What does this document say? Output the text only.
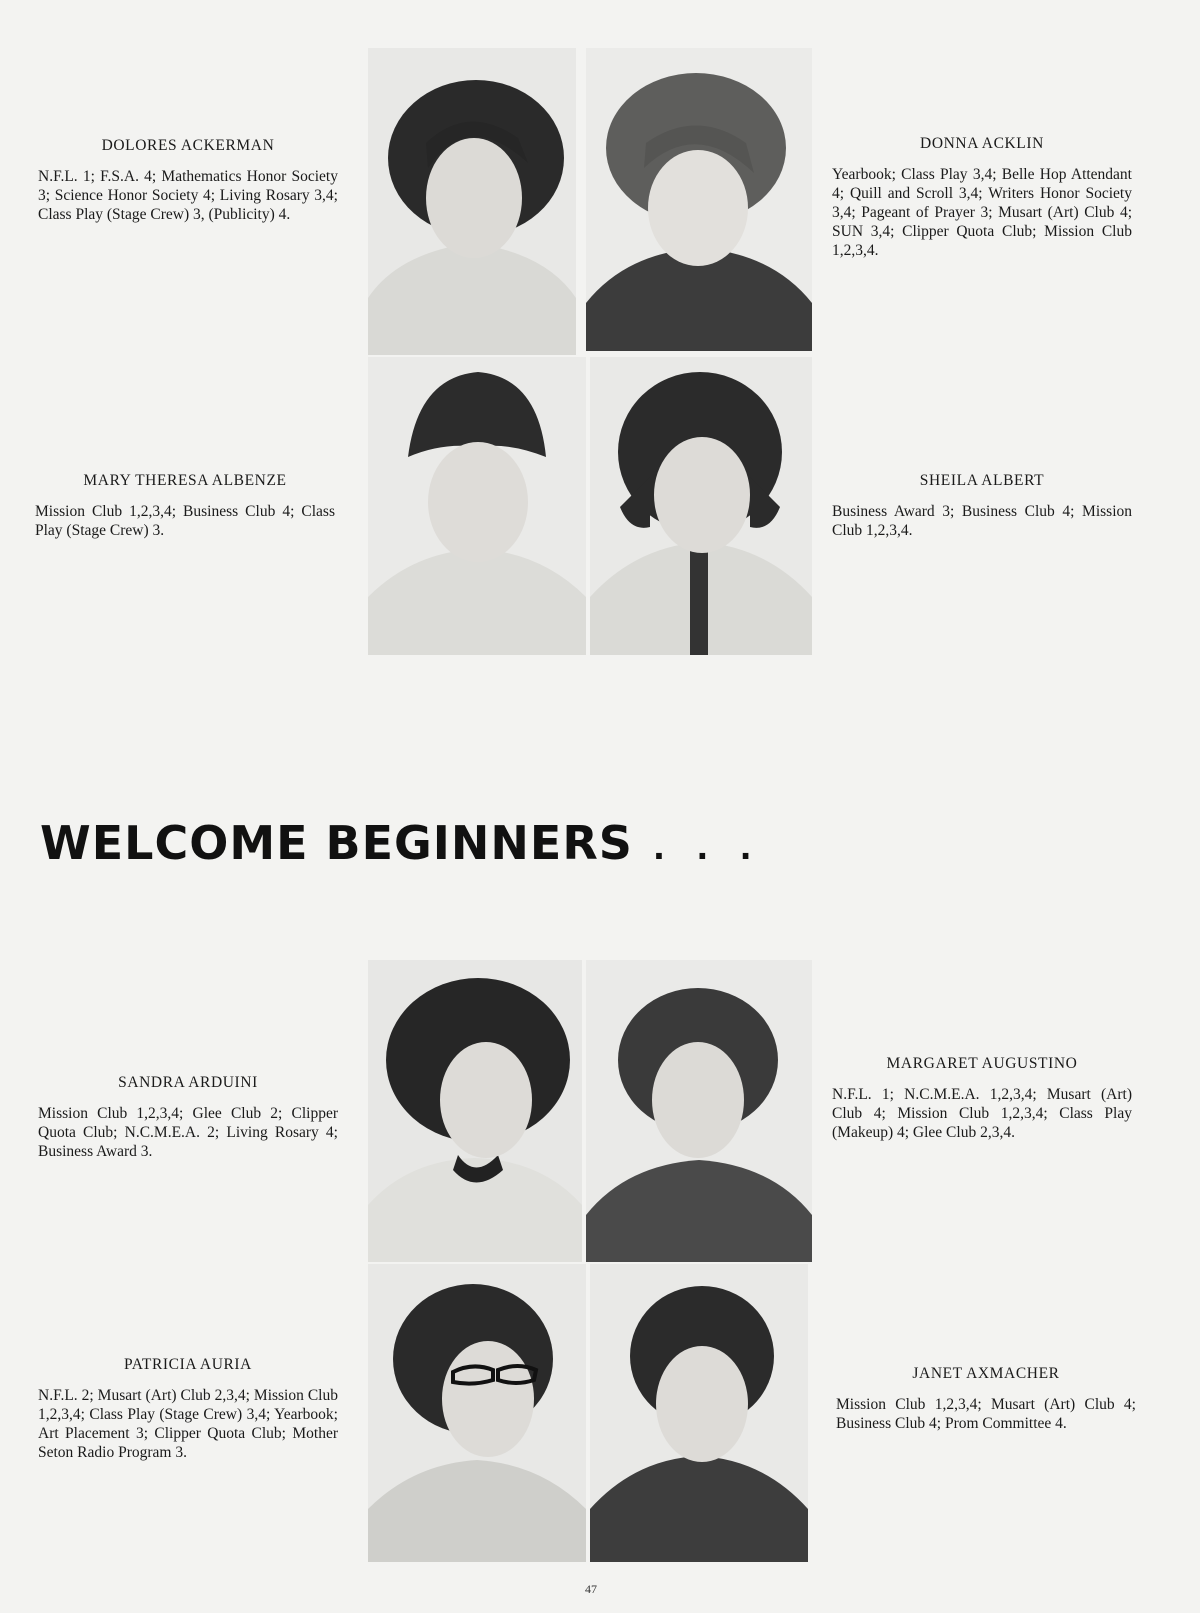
DOLORES ACKERMAN

N.F.L. 1; F.S.A. 4; Mathematics Honor Society 3; Science Honor Society 4; Living Rosary 3,4; Class Play (Stage Crew) 3, (Publicity) 4.

DONNA ACKLIN

Yearbook; Class Play 3,4; Belle Hop Attendant 4; Quill and Scroll 3,4; Writers Honor Society 3,4; Pageant of Prayer 3; Musart (Art) Club 4; SUN 3,4; Clipper Quota Club; Mission Club 1,2,3,4.

MARY THERESA ALBENZE

Mission Club 1,2,3,4; Business Club 4; Class Play (Stage Crew) 3.

SHEILA ALBERT

Business Award 3; Business Club 4; Mission Club 1,2,3,4.

WELCOME BEGINNERS . . .
SANDRA ARDUINI

Mission Club 1,2,3,4; Glee Club 2; Clipper Quota Club; N.C.M.E.A. 2; Living Rosary 4; Business Award 3.

MARGARET AUGUSTINO

N.F.L. 1; N.C.M.E.A. 1,2,3,4; Musart (Art) Club 4; Mission Club 1,2,3,4; Class Play (Makeup) 4; Glee Club 2,3,4.

PATRICIA AURIA

N.F.L. 2; Musart (Art) Club 2,3,4; Mission Club 1,2,3,4; Class Play (Stage Crew) 3,4; Yearbook; Art Placement 3; Clipper Quota Club; Mother Seton Radio Program 3.

JANET AXMACHER

Mission Club 1,2,3,4; Musart (Art) Club 4; Business Club 4; Prom Committee 4.

47
